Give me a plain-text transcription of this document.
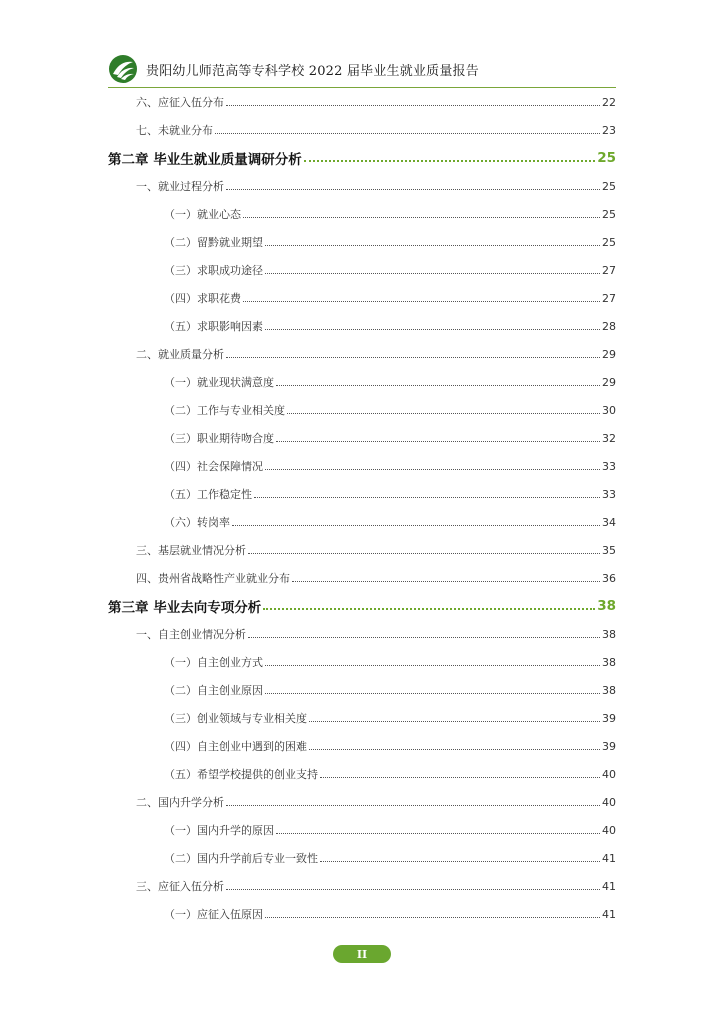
贵阳幼儿师范高等专科学校 2022 届毕业生就业质量报告
六、应征入伍分布	22
七、未就业分布	23
第二章 毕业生就业质量调研分析	25
一、就业过程分析	25
（一）就业心态	25
（二）留黔就业期望	25
（三）求职成功途径	27
（四）求职花费	27
（五）求职影响因素	28
二、就业质量分析	29
（一）就业现状满意度	29
（二）工作与专业相关度	30
（三）职业期待吻合度	32
（四）社会保障情况	33
（五）工作稳定性	33
（六）转岗率	34
三、基层就业情况分析	35
四、贵州省战略性产业就业分布	36
第三章 毕业去向专项分析	38
一、自主创业情况分析	38
（一）自主创业方式	38
（二）自主创业原因	38
（三）创业领域与专业相关度	39
（四）自主创业中遇到的困难	39
（五）希望学校提供的创业支持	40
二、国内升学分析	40
（一）国内升学的原因	40
（二）国内升学前后专业一致性	41
三、应征入伍分析	41
（一）应征入伍原因	41
II
